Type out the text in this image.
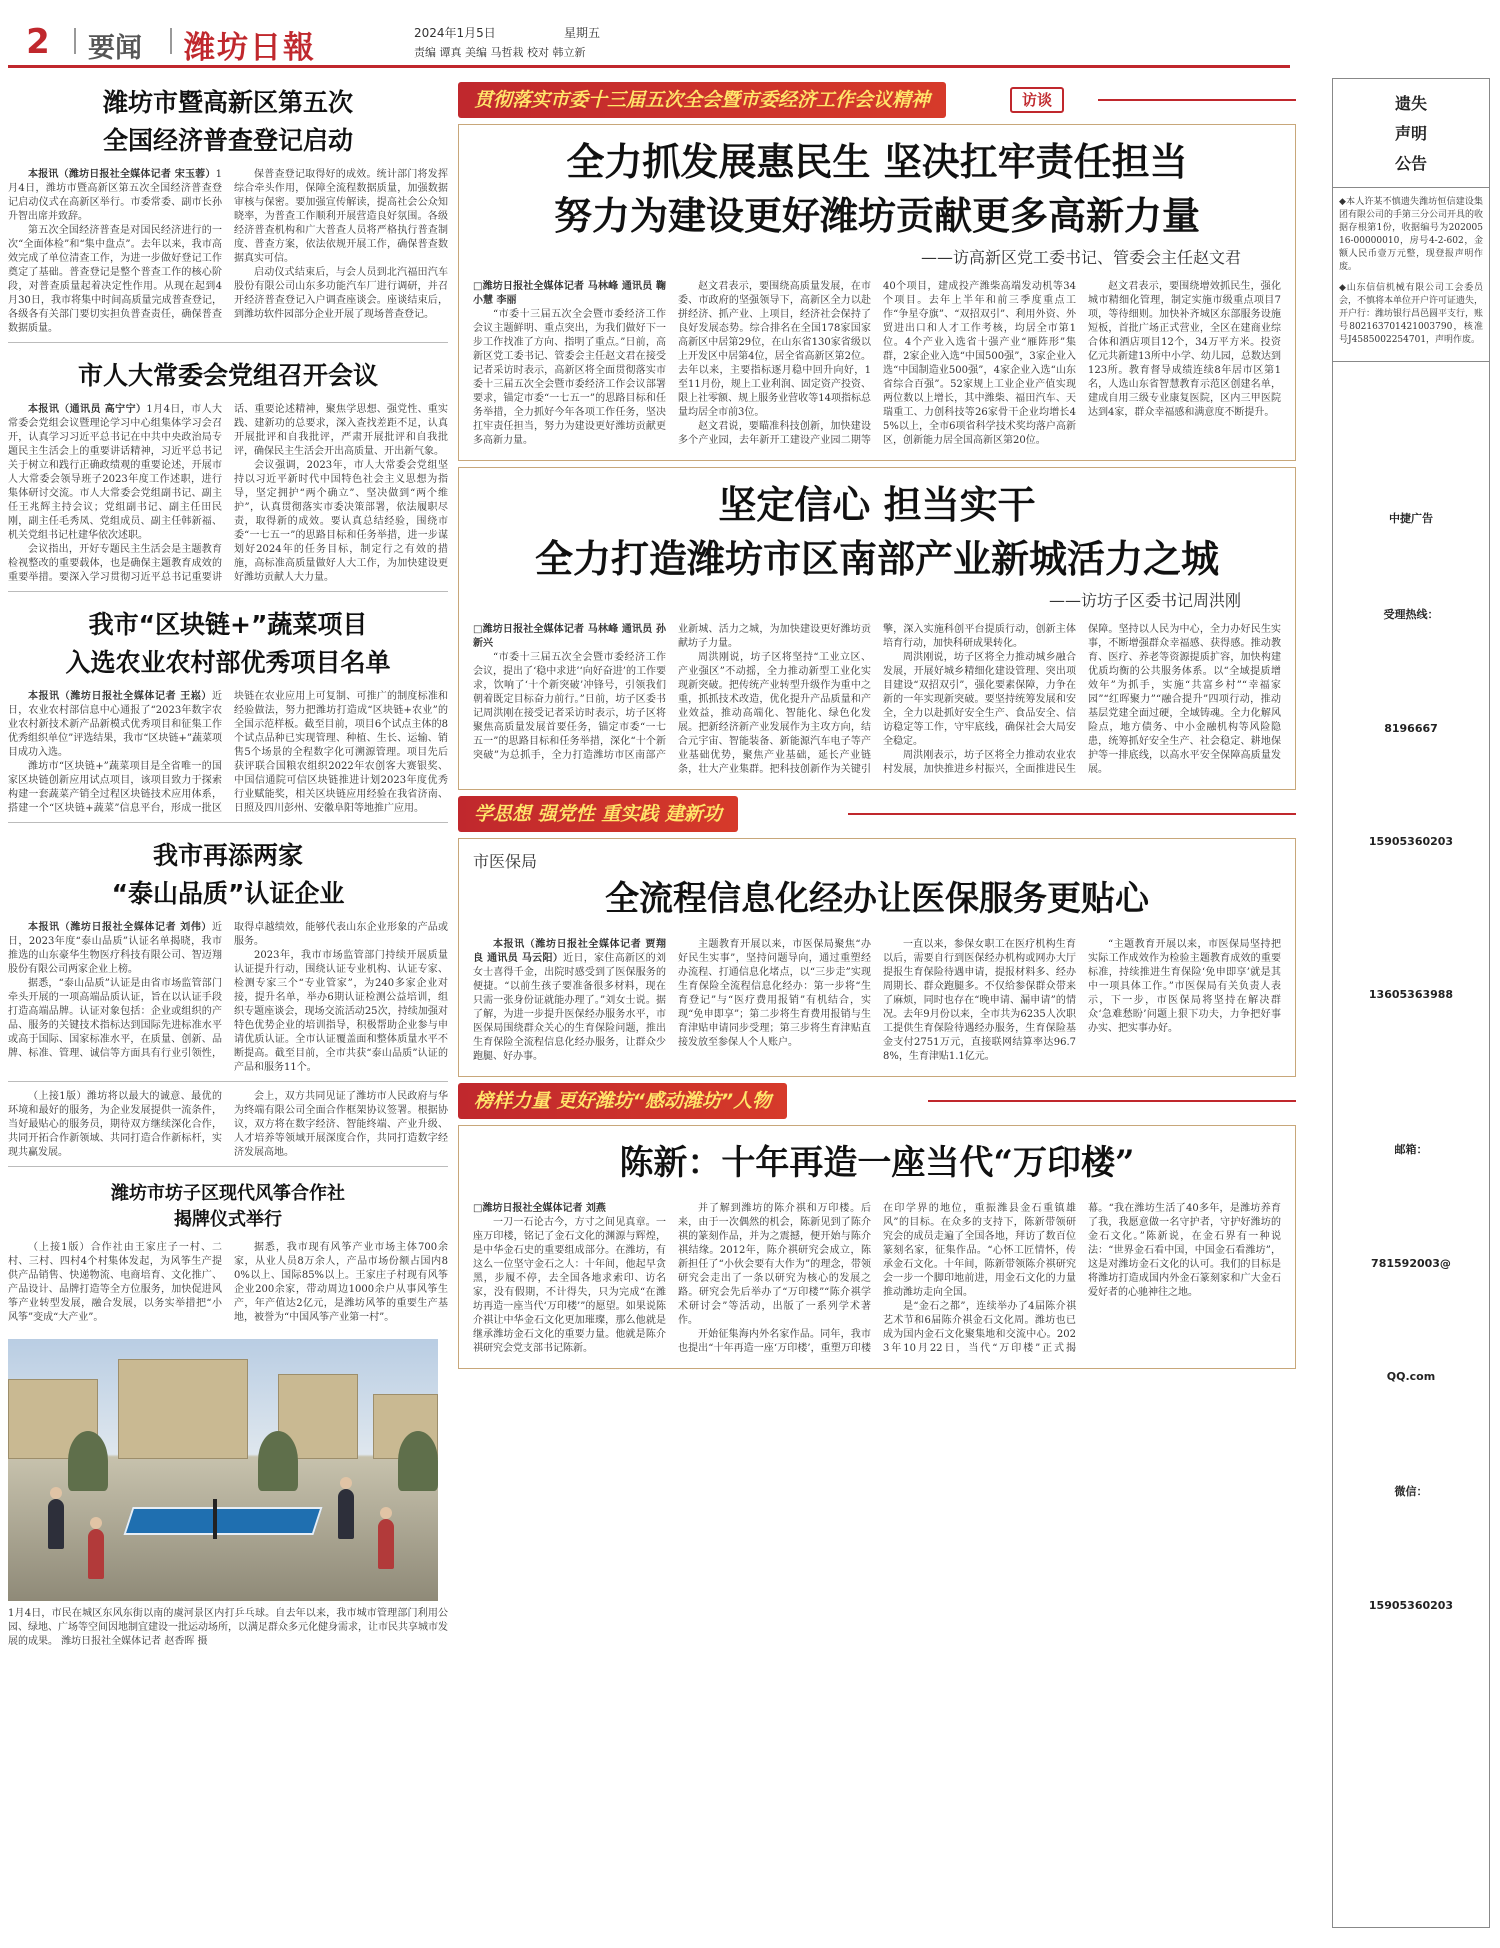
2	要闻 潍坊日報	2024年1月5日	星期五
责编 谭真 美编 马哲栽 校对 韩立新
潍坊市暨高新区第五次
全国经济普查登记启动

本报讯（潍坊日报社全媒体记者 宋玉蓉）1月4日，潍坊市暨高新区第五次全国经济普查登记启动仪式在高新区举行。市委常委、副市长孙升智出席并致辞。

第五次全国经济普查是对国民经济进行的一次“全面体检”和“集中盘点”。去年以来，我市高效完成了单位清查工作，为进一步做好登记工作奠定了基础。普查登记是整个普查工作的核心阶段，对普查质量起着决定性作用。从现在起到4月30日，我市将集中时间高质量完成普查登记，各级各有关部门要切实担负普查责任，确保普查数据质量。

保普查登记取得好的成效。统计部门将发挥综合牵头作用，保障全流程数据质量，加强数据审核与保密。要加强宣传解读，提高社会公众知晓率，为普查工作顺利开展营造良好氛围。各级经济普查机构和广大普查人员将严格执行普查制度、普查方案，依法依规开展工作，确保普查数据真实可信。

启动仪式结束后，与会人员到北汽福田汽车股份有限公司山东多功能汽车厂进行调研，并召开经济普查登记入户调查座谈会。座谈结束后，到潍坊软件园部分企业开展了现场普查登记。

市人大常委会党组召开会议

本报讯（通讯员 高宁宁）1月4日，市人大常委会党组会议暨理论学习中心组集体学习会召开，认真学习习近平总书记在中共中央政治局专题民主生活会上的重要讲话精神，习近平总书记关于树立和践行正确政绩观的重要论述，开展市人大常委会领导班子2023年度工作述职，进行集体研讨交流。市人大常委会党组副书记、副主任王兆辉主持会议；党组副书记、副主任田民刚，副主任毛秀凤、党组成员、副主任韩新福、机关党组书记杜建华依次述职。

会议指出，开好专题民主生活会是主题教育检视整改的重要载体，也是确保主题教育成效的重要举措。要深入学习贯彻习近平总书记重要讲话、重要论述精神，聚焦学思想、强党性、重实践、建新功的总要求，深入查找差距不足，认真开展批评和自我批评，严肃开展批评和自我批评，确保民主生活会开出高质量、开出新气象。

会议强调，2023年，市人大常委会党组坚持以习近平新时代中国特色社会主义思想为指导，坚定拥护“两个确立”、坚决做到“两个维护”，认真贯彻落实市委决策部署，依法履职尽责，取得新的成效。要认真总结经验，围绕市委“一七五一”的思路目标和任务举措，进一步谋划好2024年的任务目标，制定行之有效的措施，高标准高质量做好人大工作，为加快建设更好潍坊贡献人大力量。

我市“区块链+”蔬菜项目
入选农业农村部优秀项目名单

本报讯（潍坊日报社全媒体记者 王崧）近日，农业农村部信息中心通报了“2023年数字农业农村新技术新产品新模式优秀项目和征集工作优秀组织单位”评选结果，我市“区块链+”蔬菜项目成功入选。

潍坊市“区块链+”蔬菜项目是全省唯一的国家区块链创新应用试点项目，该项目致力于探索构建一套蔬菜产销全过程区块链技术应用体系，搭建一个“区块链+蔬菜”信息平台，形成一批区块链在农业应用上可复制、可推广的制度标准和经验做法，努力把潍坊打造成“区块链+农业”的全国示范样板。截至目前，项目6个试点主体的8个试点品种已实现管理、种植、生长、运输、销售5个场景的全程数字化可溯源管理。项目先后获评联合国粮农组织2022年农创客大赛银奖、中国信通院可信区块链推进计划2023年度优秀行业赋能奖，相关区块链应用经验在我省济南、日照及四川彭州、安徽阜阳等地推广应用。

我市再添两家
“泰山品质”认证企业

本报讯（潍坊日报社全媒体记者 刘伟）近日，2023年度“泰山品质”认证名单揭晓，我市推选的山东豪华生物医疗科技有限公司、智迈翔股份有限公司两家企业上榜。

据悉，“泰山品质”认证是由省市场监管部门牵头开展的一项高端品质认证，旨在以认证手段打造高端品牌。认证对象包括：企业或组织的产品、服务的关键技术指标达到国际先进标准水平或高于国际、国家标准水平，在质量、创新、品牌、标准、管理、诚信等方面具有行业引领性，取得卓越绩效，能够代表山东企业形象的产品或服务。

2023年，我市市场监管部门持续开展质量认证提升行动，围绕认证专业机构、认证专家、检测专家三个“专业管家”，为240多家企业对接，提升名单，举办6期认证检测公益培训，组织专题座谈会，现场交流活动25次，持续加强对特色优势企业的培训指导，积极帮助企业参与申请优质认证。全市认证覆盖面和整体质量水平不断提高。截至目前，全市共获“泰山品质”认证的产品和服务11个。

（上接1版）潍坊将以最大的诚意、最优的环境和最好的服务，为企业发展提供一流条件，当好最贴心的服务员，期待双方继续深化合作，共同开拓合作新领域、共同打造合作新标杆，实现共赢发展。

会上，双方共同见证了潍坊市人民政府与华为终端有限公司全面合作框架协议签署。根据协议，双方将在数字经济、智能终端、产业升级、人才培养等领域开展深度合作，共同打造数字经济发展高地。

潍坊市坊子区现代风筝合作社
揭牌仪式举行

（上接1版）合作社由王家庄子一村、二村、三村、四村4个村集体发起，为风筝生产提供产品销售、快递物流、电商培育、文化推广、产品设计、品牌打造等全方位服务，加快促进风筝产业转型发展，融合发展，以务实举措把“小风筝”变成“大产业”。

据悉，我市现有风筝产业市场主体700余家，从业人员8万余人，产品市场份额占国内80%以上、国际85%以上。王家庄子村现有风筝企业200余家，带动周边1000余户从事风筝生产，年产值达2亿元，是潍坊风筝的重要生产基地，被誉为“中国风筝产业第一村”。

1月4日，市民在城区东风东街以南的虞河景区内打乒乓球。自去年以来，我市城市管理部门利用公园、绿地、广场等空间因地制宜建设一批运动场所，以满足群众多元化健身需求，让市民共享城市发展的成果。 潍坊日报社全媒体记者 赵香晖 摄
贯彻落实市委十三届五次全会暨市委经济工作会议精神	访谈
全力抓发展惠民生 坚决扛牢责任担当
努力为建设更好潍坊贡献更多高新力量
——访高新区党工委书记、管委会主任赵文君

□潍坊日报社全媒体记者 马林峰 通讯员 鞠小慧 李丽

“市委十三届五次全会暨市委经济工作会议主题鲜明、重点突出，为我们做好下一步工作找准了方向、指明了重点。”日前，高新区党工委书记、管委会主任赵文君在接受记者采访时表示，高新区将全面贯彻落实市委十三届五次全会暨市委经济工作会议部署要求，锚定市委“一七五一”的思路目标和任务举措，全力抓好今年各项工作任务，坚决扛牢责任担当，努力为建设更好潍坊贡献更多高新力量。

赵文君表示，要围绕高质量发展，在市委、市政府的坚强领导下，高新区全力以赴拼经济、抓产业、上项目，经济社会保持了良好发展态势。综合排名在全国178家国家高新区中居第29位，在山东省130家省级以上开发区中居第4位，居全省高新区第2位。去年以来，主要指标逐月稳中回升向好，1至11月份，规上工业利润、固定资产投资、限上社零额、规上服务业营收等14项指标总量均居全市前3位。

赵文君说，要瞄准科技创新，加快建设多个产业园，去年新开工建设产业园二期等40个项目，建成投产潍柴高端发动机等34个项目。去年上半年和前三季度重点工作“争星夺旗”、“双招双引”、利用外资、外贸进出口和人才工作考核，均居全市第1位。4个产业入选省十强产业“雁阵形”集群，2家企业入选“中国500强”，3家企业入选“中国制造业500强”，4家企业入选“山东省综合百强”。52家规上工业企业产值实现两位数以上增长，其中潍柴、福田汽车、天瑞重工、力创科技等26家骨干企业均增长45%以上，全市6项省科学技术奖均落户高新区，创新能力居全国高新区第20位。

赵文君表示，要围绕增效抓民生，强化城市精细化管理，制定实施市级重点项目7项，等待细则。加快补齐城区东部服务设施短板，首批广场正式营业，全区在建商业综合体和酒店项目12个，34万平方米。投资亿元共新建13所中小学、幼儿园，总数达到123所。教育督导成绩连续8年居市区第1名，人选山东省智慧教育示范区创建名单，建成自用三级专业康复医院，区内三甲医院达到4家，群众幸福感和满意度不断提升。

坚定信心 担当实干
全力打造潍坊市区南部产业新城活力之城
——访坊子区委书记周洪刚

□潍坊日报社全媒体记者 马林峰 通讯员 孙新兴

“市委十三届五次全会暨市委经济工作会议，提出了‘稳中求进’‘向好奋进’的工作要求，饮响了‘十个新突破’冲锋号，引领我们朝着既定目标奋力前行。”日前，坊子区委书记周洪刚在接受记者采访时表示，坊子区将聚焦高质量发展首要任务，锚定市委“一七五一”的思路目标和任务举措，深化“十个新突破”为总抓手，全力打造潍坊市区南部产业新城、活力之城，为加快建设更好潍坊贡献坊子力量。

周洪刚说，坊子区将坚持“工业立区、产业强区”不动摇，全力推动新型工业化实现新突破。把传统产业转型升级作为重中之重，抓抓技术改造，优化提升产品质量和产业效益，推动高端化、智能化、绿色化发展。把新经济新产业发展作为主攻方向，结合元宇宙、智能装备、新能源汽车电子等产业基础优势，聚焦产业基础，延长产业链条，壮大产业集群。把科技创新作为关键引擎，深入实施科创平台提质行动，创新主体培育行动，加快科研成果转化。

周洪刚说，坊子区将全力推动城乡融合发展，开展好城乡精细化建设管理、突出项目建设“双招双引”，强化要素保障，力争在新的一年实现新突破。要坚持统筹发展和安全，全力以赴抓好安全生产、食品安全、信访稳定等工作，守牢底线，确保社会大局安全稳定。

周洪刚表示，坊子区将全力推动农业农村发展，加快推进乡村振兴，全面推进民生保障。坚持以人民为中心，全力办好民生实事，不断增强群众幸福感、获得感。推动教育、医疗、养老等资源提质扩容，加快构建优质均衡的公共服务体系。以“全域提质增效年”为抓手，实施“共富乡村”“幸福家园”“红晖聚力”“融合提升”四项行动，推动基层党建全面过硬，全域铸魂。全力化解风险点，地方债务、中小金融机构等风险隐患，统筹抓好安全生产、社会稳定、耕地保护等一排底线，以高水平安全保障高质量发展。

学思想 强党性 重实践 建新功
市医保局
全流程信息化经办让医保服务更贴心

本报讯（潍坊日报社全媒体记者 贾翔良 通讯员 马云阳）近日，家住高新区的刘女士喜得千金，出院时感受到了医保服务的便捷。“以前生孩子要准备很多材料，现在只需一张身份证就能办理了。”刘女士说。据了解，为进一步提升医保经办服务水平，市医保局围绕群众关心的生育保险问题，推出生育保险全流程信息化经办服务，让群众少跑腿、好办事。

主题教育开展以来，市医保局聚焦“办好民生实事”，坚持问题导向，通过重塑经办流程、打通信息化堵点，以“三步走”实现生育保险全流程信息化经办：第一步将“生育登记”与“医疗费用报销”有机结合，实现“免申即享”；第二步将生育费用报销与生育津贴申请同步受理；第三步将生育津贴直接发放至参保人个人账户。

一直以来，参保女职工在医疗机构生育以后，需要自行到医保经办机构或网办大厅提报生育保险待遇申请，提报材料多、经办周期长、群众跑腿多。不仅给参保群众带来了麻烦，同时也存在“晚申请、漏申请”的情况。去年9月份以来，全市共为6235人次职工提供生育保险待遇经办服务，生育保险基金支付2751万元，直接联网结算率达96.78%，生育津贴1.1亿元。

“主题教育开展以来，市医保局坚持把实际工作成效作为检验主题教育成效的重要标准，持续推进生育保险‘免申即享’就是其中一项具体工作。”市医保局有关负责人表示，下一步，市医保局将坚持在解决群众‘急难愁盼’问题上狠下功夫，力争把好事办实、把实事办好。

榜样力量 更好潍坊“感动潍坊”人物
陈新：十年再造一座当代“万印楼”

□潍坊日报社全媒体记者 刘燕

一刀一石论古今，方寸之间见真章。一座万印楼，铭记了金石文化的渊源与辉煌，是中华金石史的重要组成部分。在潍坊，有这么一位坚守金石之人：十年间，他起早贪黑，步履不停，去全国各地求索印、访名家，没有假期，不计得失，只为完成“在潍坊再造一座当代‘万印楼’”的愿望。如果说陈介祺让中华金石文化更加璀璨，那么他就是继承潍坊金石文化的重要力量。他就是陈介祺研究会党支部书记陈新。

并了解到潍坊的陈介祺和万印楼。后来，由于一次偶然的机会，陈新见到了陈介祺的篆刻作品，并为之震撼，便开始与陈介祺结缘。2012年，陈介祺研究会成立，陈新担任了“小伙会要有大作为”的理念，带领研究会走出了一条以研究为核心的发展之路。研究会先后举办了“万印楼”“陈介祺学术研讨会”等活动，出版了一系列学术著作。

开始征集海内外名家作品。同年，我市也提出“十年再造一座‘万印楼’，重塑万印楼在印学界的地位，重振潍县金石重镇雄风”的目标。在众多的支持下，陈新带领研究会的成员走遍了全国各地，拜访了数百位篆刻名家，征集作品。“心怀工匠情怀，传承金石文化。十年间，陈新带领陈介祺研究会一步一个脚印地前进，用金石文化的力量推动潍坊走向全国。

是“金石之都”，连续举办了4届陈介祺艺术节和6届陈介祺金石文化周。潍坊也已成为国内金石文化聚集地和交流中心。2023年10月22日，当代“万印楼”正式揭幕。“我在潍坊生活了40多年，是潍坊养育了我，我愿意做一名守护者，守护好潍坊的金石文化。”陈新说，在金石界有一种说法：“世界金石看中国，中国金石看潍坊”，这是对潍坊金石文化的认可。我们的目标是将潍坊打造成国内外金石篆刻家和广大金石爱好者的心驰神往之地。

遗失
声明
公告
◆本人许某不慎遗失潍坊恒信建设集团有限公司的手第三分公司开具的收据存根第1份，收据编号为20200516-00000010，房号4-2-602，金额人民币壹万元整，现登报声明作废。
◆山东信信机械有限公司工会委员会，不慎将本单位开户许可证遗失，开户行：潍坊银行昌邑圆平支行，账号802163701421003790，核准号J4585002254701，声明作废。
中捷广告
受理热线：
8196667
15905360203
13605363988
邮箱：
781592003@
QQ.com
微信：
15905360203
